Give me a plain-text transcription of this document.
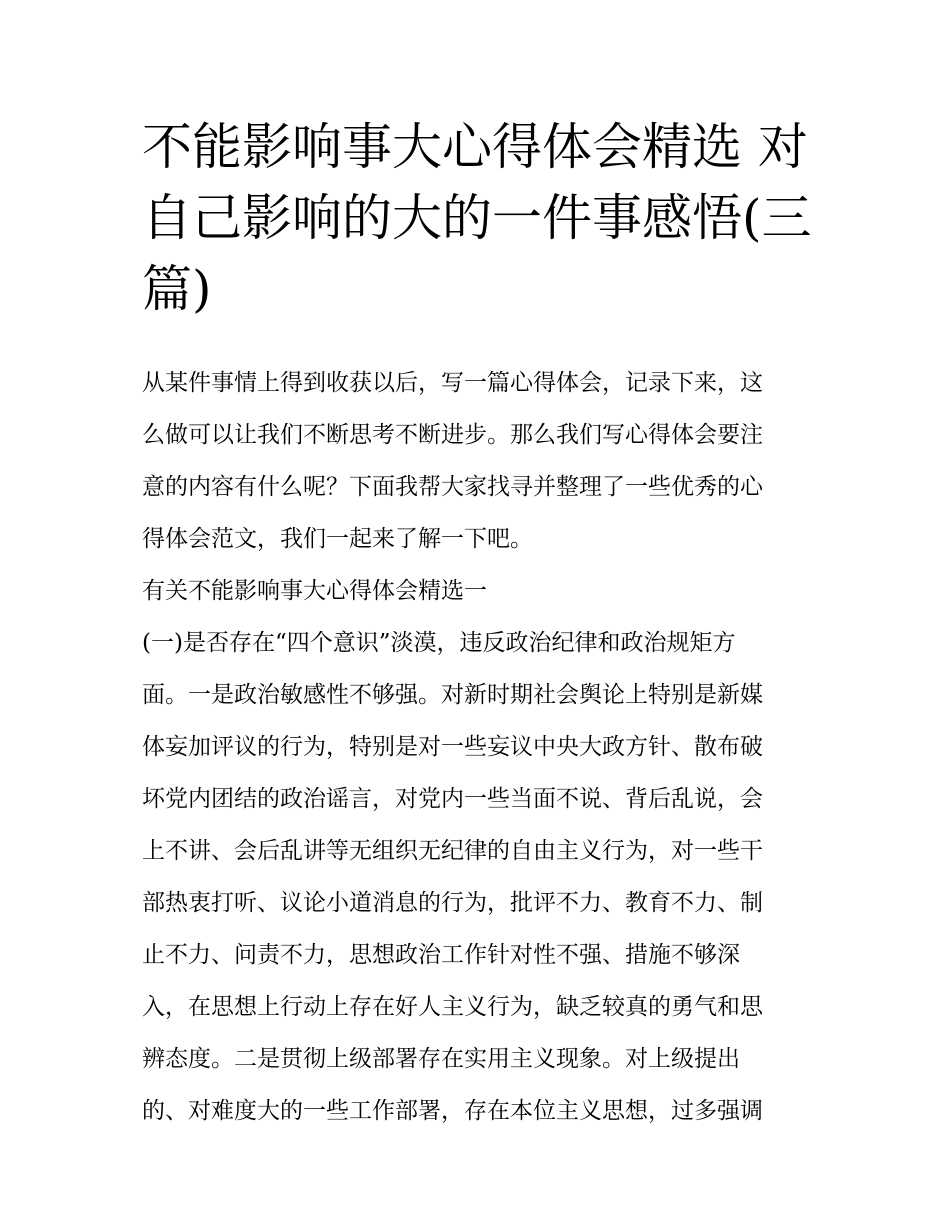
不能影响事大心得体会精选 对
自己影响的大的一件事感悟(三
篇)
从某件事情上得到收获以后，写一篇心得体会，记录下来，这
么做可以让我们不断思考不断进步。那么我们写心得体会要注
意的内容有什么呢？下面我帮大家找寻并整理了一些优秀的心
得体会范文，我们一起来了解一下吧。
有关不能影响事大心得体会精选一
(一)是否存在“四个意识”淡漠，违反政治纪律和政治规矩方
面。一是政治敏感性不够强。对新时期社会舆论上特别是新媒
体妄加评议的行为，特别是对一些妄议中央大政方针、散布破
坏党内团结的政治谣言，对党内一些当面不说、背后乱说，会
上不讲、会后乱讲等无组织无纪律的自由主义行为，对一些干
部热衷打听、议论小道消息的行为，批评不力、教育不力、制
止不力、问责不力，思想政治工作针对性不强、措施不够深
入，在思想上行动上存在好人主义行为，缺乏较真的勇气和思
辨态度。二是贯彻上级部署存在实用主义现象。对上级提出
的、对难度大的一些工作部署，存在本位主义思想，过多强调
